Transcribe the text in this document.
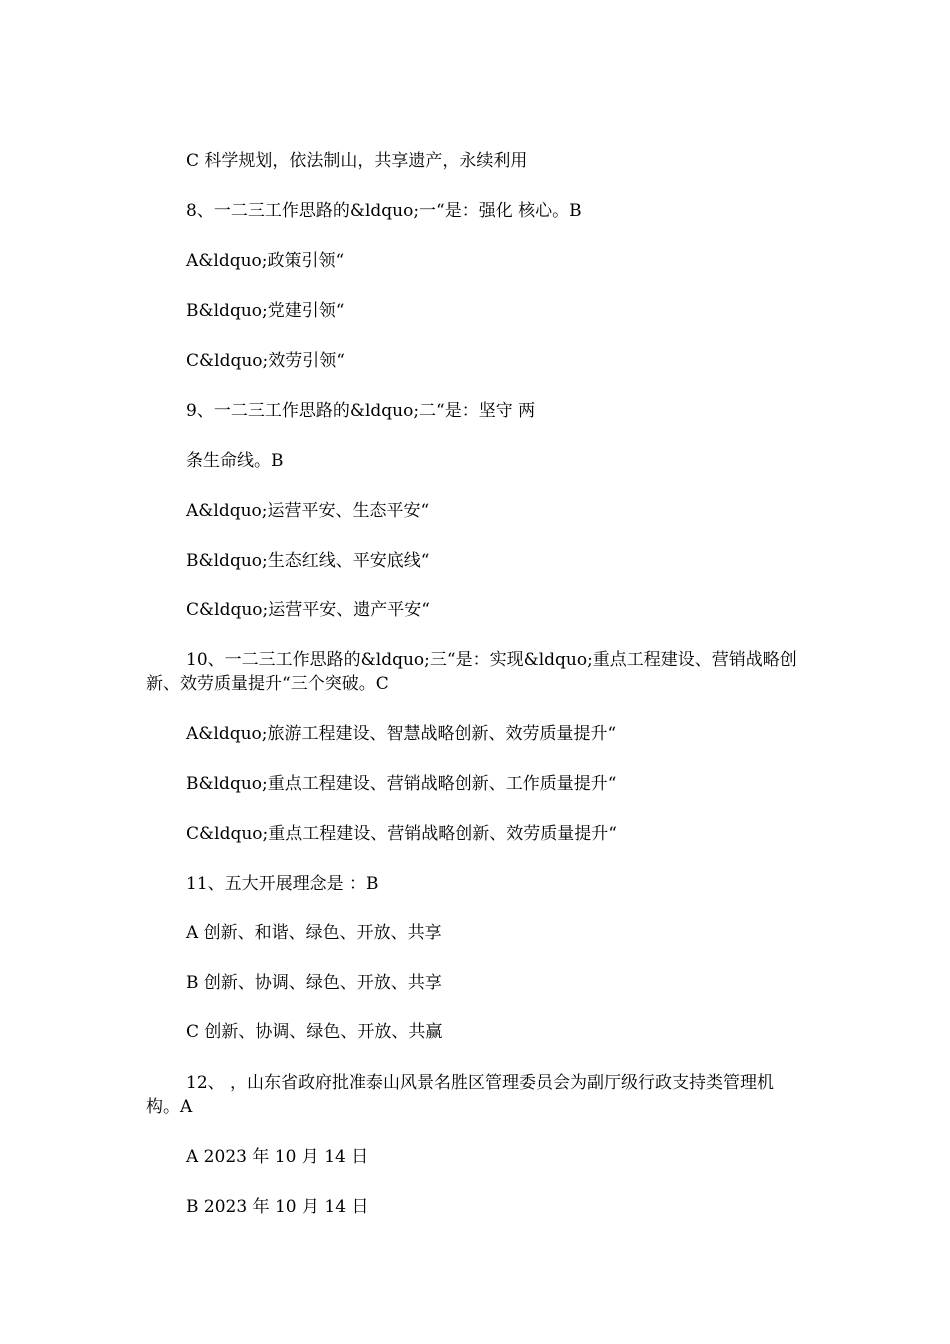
C 科学规划，依法制山，共享遗产，永续利用

8、一二三工作思路的&ldquo;一“是：强化 核心。B

A&ldquo;政策引领“

B&ldquo;党建引领“

C&ldquo;效劳引领“

9、一二三工作思路的&ldquo;二“是：坚守 两

条生命线。B

A&ldquo;运营平安、生态平安“

B&ldquo;生态红线、平安底线“

C&ldquo;运营平安、遗产平安“

10、一二三工作思路的&ldquo;三“是：实现&ldquo;重点工程建设、营销战略创新、效劳质量提升“三个突破。C

A&ldquo;旅游工程建设、智慧战略创新、效劳质量提升“

B&ldquo;重点工程建设、营销战略创新、工作质量提升“

C&ldquo;重点工程建设、营销战略创新、效劳质量提升“

11、五大开展理念是 ：B

A 创新、和谐、绿色、开放、共享

B 创新、协调、绿色、开放、共享

C 创新、协调、绿色、开放、共赢

12、 ，山东省政府批准泰山风景名胜区管理委员会为副厅级行政支持类管理机构。A

A 2023 年 10 月 14 日

B 2023 年 10 月 14 日
